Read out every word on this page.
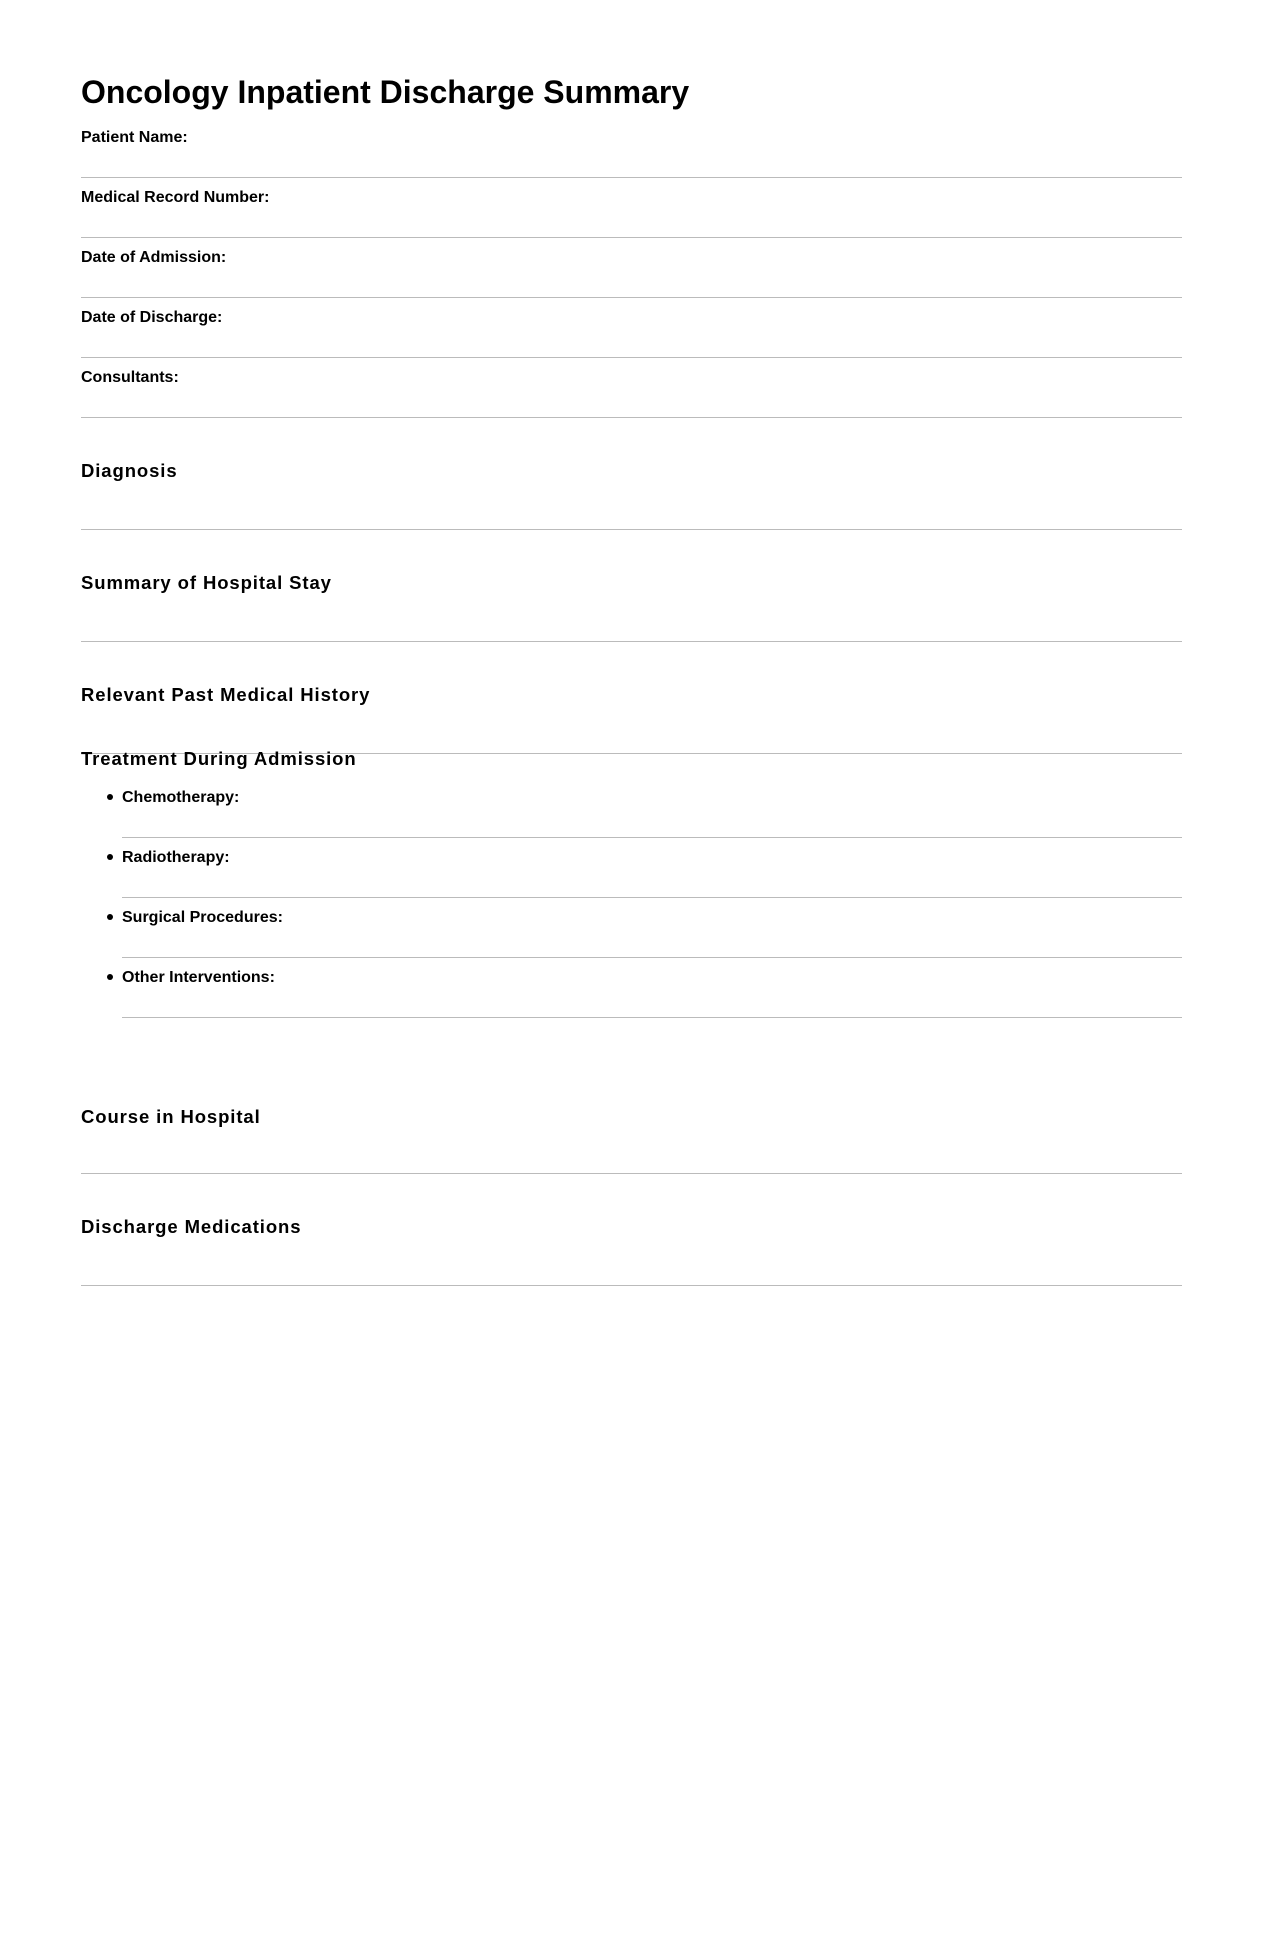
Oncology Inpatient Discharge Summary
Patient Name:
Medical Record Number:
Date of Admission:
Date of Discharge:
Consultants:
Diagnosis
Summary of Hospital Stay
Relevant Past Medical History
Treatment During Admission
Chemotherapy:
Radiotherapy:
Surgical Procedures:
Other Interventions:
Course in Hospital
Discharge Medications
